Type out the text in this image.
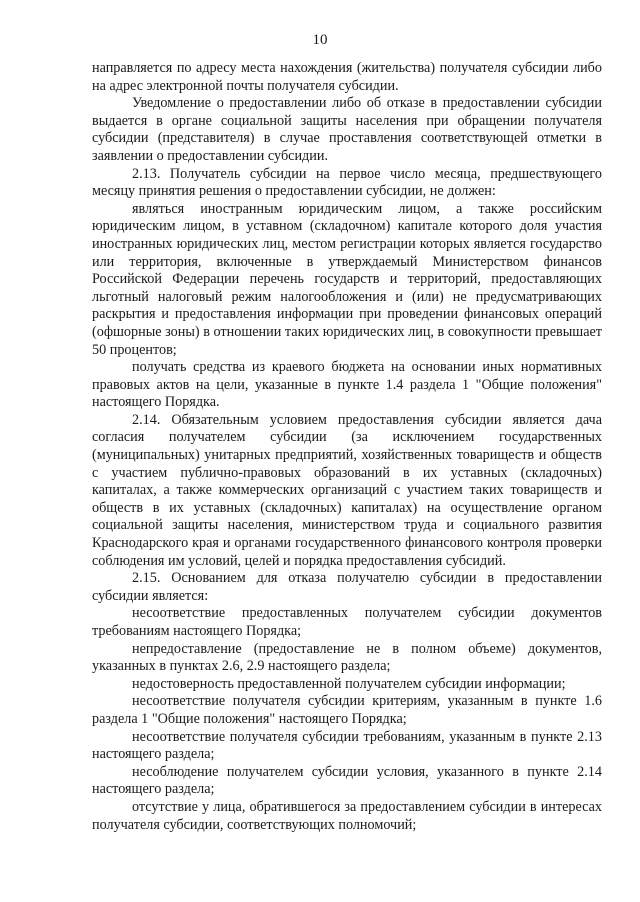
10

направляется по адресу места нахождения (жительства) получателя субсидии либо на адрес электронной почты получателя субсидии.

Уведомление о предоставлении либо об отказе в предоставлении субсидии выдается в органе социальной защиты населения при обращении получателя субсидии (представителя) в случае проставления соответствующей отметки в заявлении о предоставлении субсидии.

2.13. Получатель субсидии на первое число месяца, предшествующего месяцу принятия решения о предоставлении субсидии, не должен:

являться иностранным юридическим лицом, а также российским юридическим лицом, в уставном (складочном) капитале которого доля участия иностранных юридических лиц, местом регистрации которых является государство или территория, включенные в утверждаемый Министерством финансов Российской Федерации перечень государств и территорий, предоставляющих льготный налоговый режим налогообложения и (или) не предусматривающих раскрытия и предоставления информации при проведении финансовых операций (офшорные зоны) в отношении таких юридических лиц, в совокупности превышает 50 процентов;

получать средства из краевого бюджета на основании иных нормативных правовых актов на цели, указанные в пункте 1.4 раздела 1 "Общие положения" настоящего Порядка.

2.14. Обязательным условием предоставления субсидии является дача согласия получателем субсидии (за исключением государственных (муниципальных) унитарных предприятий, хозяйственных товариществ и обществ с участием публично-правовых образований в их уставных (складочных) капиталах, а также коммерческих организаций с участием таких товариществ и обществ в их уставных (складочных) капиталах) на осуществление органом социальной защиты населения, министерством труда и социального развития Краснодарского края и органами государственного финансового контроля проверки соблюдения им условий, целей и порядка предоставления субсидий.

2.15. Основанием для отказа получателю субсидии в предоставлении субсидии является:

несоответствие предоставленных получателем субсидии документов требованиям настоящего Порядка;

непредоставление (предоставление не в полном объеме) документов, указанных в пунктах 2.6, 2.9 настоящего раздела;

недостоверность предоставленной получателем субсидии информации;

несоответствие получателя субсидии критериям, указанным в пункте 1.6 раздела 1 "Общие положения" настоящего Порядка;

несоответствие получателя субсидии требованиям, указанным в пункте 2.13 настоящего раздела;

несоблюдение получателем субсидии условия, указанного в пункте 2.14 настоящего раздела;

отсутствие у лица, обратившегося за предоставлением субсидии в интересах получателя субсидии, соответствующих полномочий;
